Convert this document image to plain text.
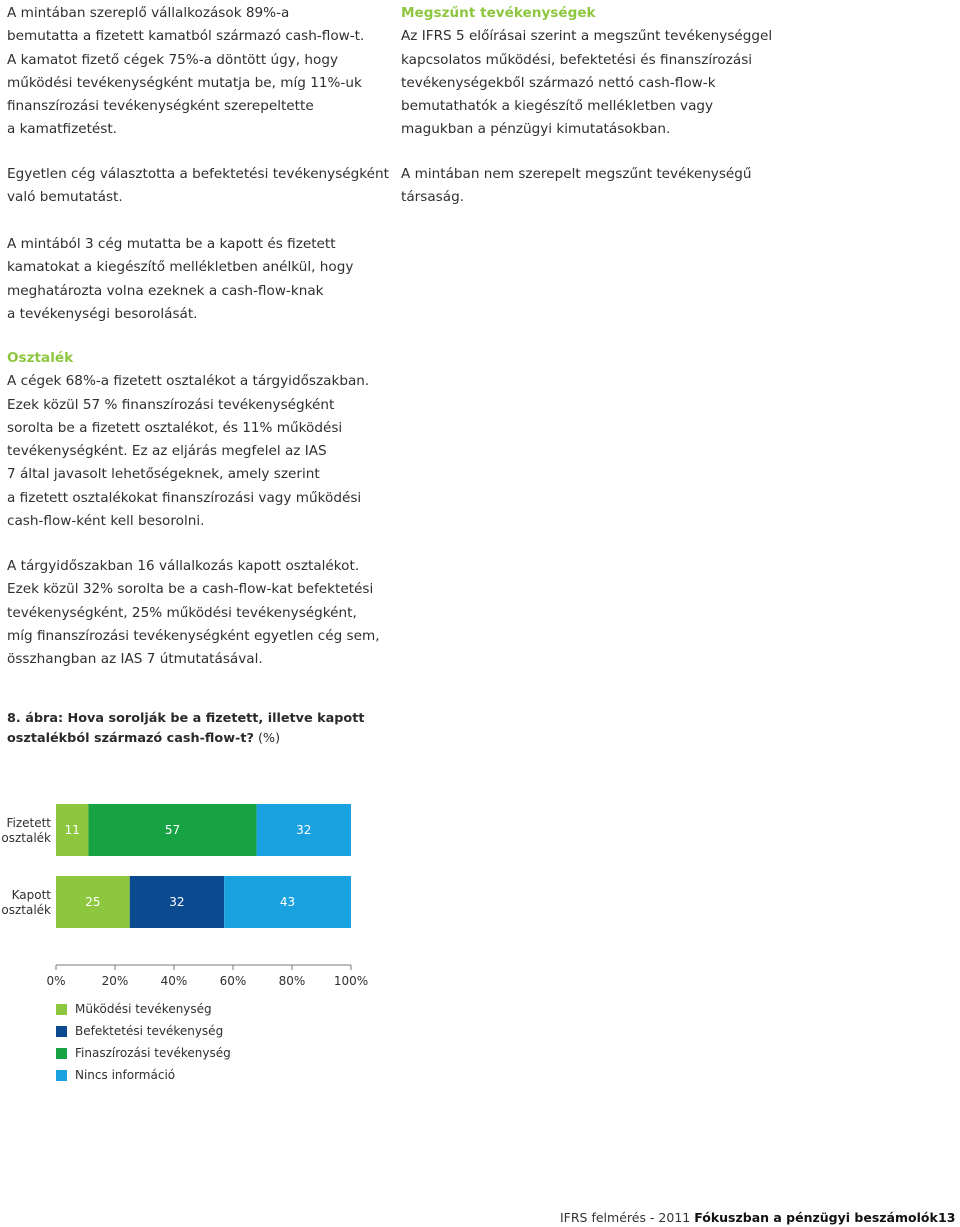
A mintában szereplő vállalkozások 89%-a
bemutatta a fizetett kamatból származó cash-flow-t.
A kamatot fizető cégek 75%-a döntött úgy, hogy
működési tevékenységként mutatja be, míg 11%-uk
finanszírozási tevékenységként szerepeltette
a kamatfizetést.
Egyetlen cég választotta a befektetési tevékenységként
való bemutatást.
A mintából 3 cég mutatta be a kapott és fizetett
kamatokat a kiegészítő mellékletben anélkül, hogy
meghatározta volna ezeknek a cash-flow-knak
a tevékenységi besorolását.
Osztalék
A cégek 68%-a fizetett osztalékot a tárgyidőszakban.
Ezek közül 57 % finanszírozási tevékenységként
sorolta be a fizetett osztalékot, és 11% működési
tevékenységként. Ez az eljárás megfelel az IAS
7 által javasolt lehetőségeknek, amely szerint
a fizetett osztalékokat finanszírozási vagy működési
cash-flow-ként kell besorolni.
A tárgyidőszakban 16 vállalkozás kapott osztalékot.
Ezek közül 32% sorolta be a cash-flow-kat befektetési
tevékenységként, 25% működési tevékenységként,
míg finanszírozási tevékenységként egyetlen cég sem,
összhangban az IAS 7 útmutatásával.
Megszűnt tevékenységek
Az IFRS 5 előírásai szerint a megszűnt tevékenységgel
kapcsolatos működési, befektetési és finanszírozási
tevékenységekből származó nettó cash-flow-k
bemutathatók a kiegészítő mellékletben vagy
magukban a pénzügyi kimutatásokban.
A mintában nem szerepelt megszűnt tevékenységű
társaság.
8. ábra: Hova sorolják be a fizetett, illetve kapott
osztalékból származó cash-flow-t? (%)
11	57	32
Fizetett osztalék
25	32	43
Kapott osztalék
0%	20%	40%	60%	80% 100%
Müködési tevékenység
Befektetési tevékenység
Finaszírozási tevékenység
Nincs információ
IFRS felmérés - 2011 Fókuszban a pénzügyi beszámolók 13
